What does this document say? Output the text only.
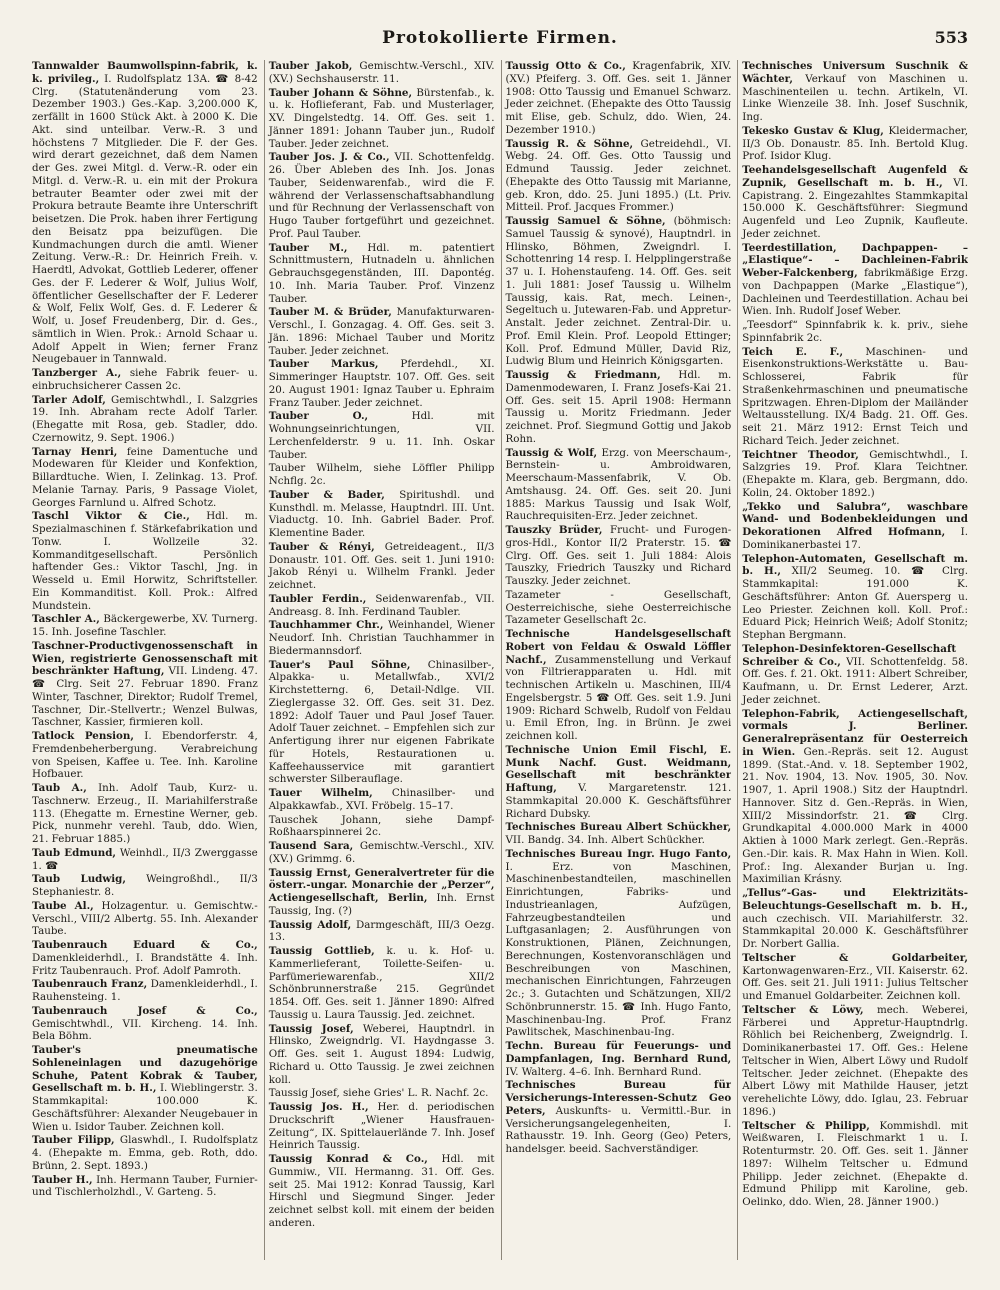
Protokollierte Firmen.	553
Tannwalder Baumwollspinn-fabrik, k. k. privileg., I. Rudolfsplatz 13A. ☎ 8-42 Clrg. (Statutenänderung vom 23. Dezember 1903.) Ges.-Kap. 3,200.000 K, zerfällt in 1600 Stück Akt. à 2000 K. Die Akt. sind unteilbar. Verw.-R. 3 und höchstens 7 Mitglieder. Die F. der Ges. wird derart gezeichnet, daß dem Namen der Ges. zwei Mitgl. d. Verw.-R. oder ein Mitgl. d. Verw.-R. u. ein mit der Prokura betrauter Beamter oder zwei mit der Prokura betraute Beamte ihre Unterschrift beisetzen. Die Prok. haben ihrer Fertigung den Beisatz ppa beizufügen. Die Kundmachungen durch die amtl. Wiener Zeitung. Verw.-R.: Dr. Heinrich Freih. v. Haerdtl, Advokat, Gottlieb Lederer, offener Ges. der F. Lederer & Wolf, Julius Wolf, öffentlicher Gesellschafter der F. Lederer & Wolf, Felix Wolf, Ges. d. F. Lederer & Wolf, u. Josef Freudenberg, Dir. d. Ges., sämtlich in Wien. Prok.: Arnold Schaar u. Adolf Appelt in Wien; ferner Franz Neugebauer in Tannwald.
Tanzberger A., siehe Fabrik feuer- u. einbruchsicherer Cassen 2c.
Tarler Adolf, Gemischtwhdl., I. Salzgries 19. Inh. Abraham recte Adolf Tarler. (Ehegatte mit Rosa, geb. Stadler, ddo. Czernowitz, 9. Sept. 1906.)
Tarnay Henri, feine Damentuche und Modewaren für Kleider und Konfektion, Billardtuche. Wien, I. Zelinkag. 13. Prof. Melanie Tarnay. Paris, 9 Passage Violet, Georges Farnlund u. Alfred Schotz.
Taschl Viktor & Cie., Hdl. m. Spezialmaschinen f. Stärkefabrikation und Tonw. I. Wollzeile 32. Kommanditgesellschaft. Persönlich haftender Ges.: Viktor Taschl, Jng. in Wesseld u. Emil Horwitz, Schriftsteller. Ein Kommanditist. Koll. Prok.: Alfred Mundstein.
Taschler A., Bäckergewerbe, XV. Turnerg. 15. Inh. Josefine Taschler.
Taschner-Productivgenossenschaft in Wien, registrierte Genossenschaft mit beschränkter Haftung, VII. Lindeng. 47. ☎ Clrg. Seit 27. Februar 1890. Franz Winter, Taschner, Direktor; Rudolf Tremel, Taschner, Dir.-Stellvertr.; Wenzel Bulwas, Taschner, Kassier, firmieren koll.
Tatlock Pension, I. Ebendorferstr. 4, Fremdenbeherbergung. Verabreichung von Speisen, Kaffee u. Tee. Inh. Karoline Hofbauer.
Taub A., Inh. Adolf Taub, Kurz- u. Taschnerw. Erzeug., II. Mariahilferstraße 113. (Ehegatte m. Ernestine Werner, geb. Pick, nunmehr verehl. Taub, ddo. Wien, 21. Februar 1885.)
Taub Edmund, Weinhdl., II/3 Zwerggasse 1. ☎
Taub Ludwig, Weingroßhdl., II/3 Stephaniestr. 8.
Taube Al., Holzagentur. u. Gemischtw.-Verschl., VIII/2 Albertg. 55. Inh. Alexander Taube.
Taubenrauch Eduard & Co., Damenkleiderhdl., I. Brandstätte 4. Inh. Fritz Taubenrauch. Prof. Adolf Pamroth.
Taubenrauch Franz, Damenkleiderhdl., I. Rauhensteing. 1.
Taubenrauch Josef & Co., Gemischtwhdl., VII. Kircheng. 14. Inh. Bela Böhm.
Tauber's pneumatische Sohleneinlagen und dazugehörige Schuhe, Patent Kobrak & Tauber, Gesellschaft m. b. H., I. Wieblingerstr. 3. Stammkapital: 100.000 K. Geschäftsführer: Alexander Neugebauer in Wien u. Isidor Tauber. Zeichnen koll.
Tauber Filipp, Glaswhdl., I. Rudolfsplatz 4. (Ehepakte m. Emma, geb. Roth, ddo. Brünn, 2. Sept. 1893.)
Tauber H., Inh. Hermann Tauber, Furnier- und Tischlerholzhdl., V. Garteng. 5.
Tauber Jakob, Gemischtw.-Verschl., XIV. (XV.) Sechshauserstr. 11.
Tauber Johann & Söhne, Bürstenfab., k. u. k. Hoflieferant, Fab. und Musterlager, XV. Dingelstedtg. 14. Off. Ges. seit 1. Jänner 1891: Johann Tauber jun., Rudolf Tauber. Jeder zeichnet.
Tauber Jos. J. & Co., VII. Schottenfeldg. 26. Über Ableben des Inh. Jos. Jonas Tauber, Seidenwarenfab., wird die F. während der Verlassenschaftsabhandlung und für Rechnung der Verlassenschaft von Hugo Tauber fortgeführt und gezeichnet. Prof. Paul Tauber.
Tauber M., Hdl. m. patentiert Schnittmustern, Hutnadeln u. ähnlichen Gebrauchsgegenständen, III. Dapontég. 10. Inh. Maria Tauber. Prof. Vinzenz Tauber.
Tauber M. & Brüder, Manufakturwaren-Verschl., I. Gonzagag. 4. Off. Ges. seit 3. Jän. 1896: Michael Tauber und Moritz Tauber. Jeder zeichnet.
Tauber Markus, Pferdehdl., XI. Simmeringer Hauptstr. 107. Off. Ges. seit 20. August 1901: Ignaz Tauber u. Ephraim Franz Tauber. Jeder zeichnet.
Tauber O.,	Hdl. mit Wohnungseinrichtungen, VII. Lerchenfelderstr. 9 u. 11. Inh. Oskar Tauber.
Tauber Wilhelm, siehe Löffler Philipp Nchflg. 2c.
Tauber & Bader, Spiritushdl. und Kunsthdl. m. Melasse, Hauptndrl. III. Unt. Viaductg. 10. Inh. Gabriel Bader. Prof. Klementine Bader.
Tauber & Rényi, Getreideagent., II/3 Donaustr. 101. Off. Ges. seit 1. Juni 1910: Jakob Rényi u. Wilhelm Frankl. Jeder zeichnet.
Taubler Ferdin., Seidenwarenfab., VII. Andreasg. 8. Inh. Ferdinand Taubler.
Tauchhammer Chr., Weinhandel, Wiener Neudorf. Inh. Christian Tauchhammer in Biedermannsdorf.
Tauer's Paul Söhne, Chinasilber-, Alpakka- u. Metallwfab., XVI/2 Kirchstetterng. 6, Detail-Ndlge. VII. Zieglergasse 32. Off. Ges. seit 31. Dez. 1892: Adolf Tauer und Paul Josef Tauer. Adolf Tauer zeichnet. – Empfehlen sich zur Anfertigung ihrer nur eigenen Fabrikate für Hotels, Restaurationen u. Kaffeehausservice mit garantiert schwerster Silberauflage.
Tauer Wilhelm, Chinasilber- und Alpakkawfab., XVI. Fröbelg. 15–17.
Tauschek Johann, siehe Dampf-Roßhaarspinnerei 2c.
Tausend Sara, Gemischtw.-Verschl., XIV. (XV.) Grimmg. 6.
Taussig Ernst, Generalvertreter für die österr.-ungar. Monarchie der „Perzer“, Actiengesellschaft, Berlin, Inh. Ernst Taussig, Ing. (?)
Taussig Adolf, Darmgeschäft, III/3 Oezg. 13.
Taussig Gottlieb, k. u. k. Hof- u. Kammerlieferant, Toilette-Seifen- u. Parfümeriewarenfab., XII/2 Schönbrunnerstraße 215. Gegründet 1854. Off. Ges. seit 1. Jänner 1890: Alfred Taussig u. Laura Taussig. Jed. zeichnet.
Taussig Josef, Weberei, Hauptndrl. in Hlinsko, Zweigndrlg. VI. Haydngasse 3. Off. Ges. seit 1. August 1894: Ludwig, Richard u. Otto Taussig. Je zwei zeichnen koll.
Taussig Josef, siehe Gries' L. R. Nachf. 2c.
Taussig Jos. H., Her. d. periodischen Druckschrift „Wiener Hausfrauen-Zeitung“, IX. Spittelauerlände 7. Inh. Josef Heinrich Taussig.
Taussig Konrad & Co., Hdl. mit Gummiw., VII. Hermanng. 31. Off. Ges. seit 25. Mai 1912: Konrad Taussig, Karl Hirschl und Siegmund Singer. Jeder zeichnet selbst koll. mit einem der beiden anderen.
Taussig Otto & Co., Kragenfabrik, XIV. (XV.) Pfeiferg. 3. Off. Ges. seit 1. Jänner 1908: Otto Taussig und Emanuel Schwarz. Jeder zeichnet. (Ehepakte des Otto Taussig mit Elise, geb. Schulz, ddo. Wien, 24. Dezember 1910.)
Taussig R. & Söhne, Getreidehdl., VI. Webg. 24. Off. Ges. Otto Taussig und Edmund Taussig. Jeder zeichnet. (Ehepakte des Otto Taussig mit Marianne, geb. Kron, ddo. 25. Juni 1895.) (Lt. Priv. Mitteil. Prof. Jacques Frommer.)
Taussig Samuel & Söhne, (böhmisch: Samuel Taussig & synové), Hauptndrl. in Hlinsko, Böhmen, Zweigndrl. I. Schottenring 14 resp. I. Helpplingerstraße 37 u. I. Hohenstaufeng. 14. Off. Ges. seit 1. Juli 1881: Josef Taussig u. Wilhelm Taussig, kais. Rat, mech. Leinen-, Segeltuch u. Jutewaren-Fab. und Appretur-Anstalt. Jeder zeichnet. Zentral-Dir. u. Prof. Emil Klein. Prof. Leopold Ettinger; Koll. Prof. Edmund Müller, David Riz, Ludwig Blum und Heinrich Königsgarten.
Taussig & Friedmann, Hdl. m. Damenmodewaren, I. Franz Josefs-Kai 21. Off. Ges. seit 15. April 1908: Hermann Taussig u. Moritz Friedmann. Jeder zeichnet. Prof. Siegmund Gottig und Jakob Rohn.
Taussig & Wolf, Erzg. von Meerschaum-, Bernstein- u. Ambroidwaren, Meerschaum-Massenfabrik, V. Ob. Amtshausg. 24. Off. Ges. seit 20. Juni 1885: Markus Taussig und Isak Wolf, Rauchrequisiten-Erz. Jeder zeichnet.
Tauszky Brüder, Frucht- und Furogen-gros-Hdl., Kontor II/2 Praterstr. 15. ☎ Clrg. Off. Ges. seit 1. Juli 1884: Alois Tauszky, Friedrich Tauszky und Richard Tauszky. Jeder zeichnet.
Tazameter - Gesellschaft, Oesterreichische, siehe Oesterreichische Tazameter Gesellschaft 2c.
Technische Handelsgesellschaft Robert von Feldau & Oswald Löffler Nachf., Zusammenstellung und Verkauf von Filtrierapparaten u. Hdl. mit technischen Artikeln u. Maschinen, III/4 Engelsbergstr. 5 ☎ Off. Ges. seit 1.9. Juni 1909: Richard Schwelb, Rudolf von Feldau u. Emil Efron, Ing. in Brünn. Je zwei zeichnen koll.
Technische Union Emil Fischl, E. Munk Nachf. Gust. Weidmann, Gesellschaft mit beschränkter Haftung, V. Margaretenstr. 121. Stammkapital 20.000 K. Geschäftsführer Richard Dubsky.
Technisches Bureau Albert Schückher, VII. Bandg. 34. Inh. Albert Schückher.
Technisches Bureau Ingr. Hugo Fanto, I. Erz. von Maschinen, Maschinenbestandteilen, maschinellen Einrichtungen, Fabriks- und Industrieanlagen, Aufzügen, Fahrzeugbestandteilen und Luftgasanlagen; 2. Ausführungen von Konstruktionen, Plänen, Zeichnungen, Berechnungen, Kostenvoranschlägen und Beschreibungen von Maschinen, mechanischen Einrichtungen, Fahrzeugen 2c.; 3. Gutachten und Schätzungen, XII/2 Schönbrunnerstr. 15. ☎ Inh. Hugo Fanto, Maschinenbau-Ing. Prof. Franz Pawlitschek, Maschinenbau-Ing.
Techn. Bureau für Feuerungs- und Dampfanlagen, Ing. Bernhard Rund, IV. Walterg. 4–6. Inh. Bernhard Rund.
Technisches Bureau für Versicherungs-Interessen-Schutz Geo Peters, Auskunfts- u. Vermittl.-Bur. in Versicherungsangelegenheiten, I. Rathausstr. 19. Inh. Georg (Geo) Peters, handelsger. beeid. Sachverständiger.
Technisches Universum Suschnik & Wächter, Verkauf von Maschinen u. Maschinenteilen u. techn. Artikeln, VI. Linke Wienzeile 38. Inh. Josef Suschnik, Ing.
Tekesko Gustav & Klug, Kleidermacher, II/3 Ob. Donaustr. 85. Inh. Bertold Klug. Prof. Isidor Klug.
Teehandelsgesellschaft Augenfeld & Zupnik, Gesellschaft m. b. H., VI. Capistrang. 2. Eingezahltes Stammkapital 150.000 K. Geschäftsführer: Siegmund Augenfeld und Leo Zupnik, Kaufleute. Jeder zeichnet.
Teerdestillation, Dachpappen- – „Elastique“- – Dachleinen-Fabrik Weber-Falckenberg, fabrikmäßige Erzg. von Dachpappen (Marke „Elastique“), Dachleinen und Teerdestillation. Achau bei Wien. Inh. Rudolf Josef Weber.
„Teesdorf“ Spinnfabrik k. k. priv., siehe Spinnfabrik 2c.
Teich E. F., Maschinen- und Eisenkonstruktions-Werkstätte u. Bau-Schlosserei, Fabrik für Straßenkehrmaschinen und pneumatische Spritzwagen. Ehren-Diplom der Mailänder Weltausstellung. IX/4 Badg. 21. Off. Ges. seit 21. März 1912: Ernst Teich und Richard Teich. Jeder zeichnet.
Teichtner Theodor, Gemischtwhdl., I. Salzgries 19. Prof. Klara Teichtner. (Ehepakte m. Klara, geb. Bergmann, ddo. Kolin, 24. Oktober 1892.)
„Tekko und Salubra“, waschbare Wand- und Bodenbekleidungen und Dekorationen Alfred Hofmann, I. Dominikanerbastei 17.
Telephon-Automaten, Gesellschaft m. b. H., XII/2 Seumeg. 10. ☎ Clrg. Stammkapital: 191.000 K. Geschäftsführer: Anton Gf. Auersperg u. Leo Priester. Zeichnen koll. Koll. Prof.: Eduard Pick; Heinrich Weiß; Adolf Stonitz; Stephan Bergmann.
Telephon-Desinfektoren-Gesellschaft Schreiber & Co., VII. Schottenfeldg. 58. Off. Ges. f. 21. Okt. 1911: Albert Schreiber, Kaufmann, u. Dr. Ernst Lederer, Arzt. Jeder zeichnet.
Telephon-Fabrik, Actiengesellschaft, vormals J. Berliner. Generalrepräsentanz für Oesterreich in Wien. Gen.-Repräs. seit 12. August 1899. (Stat.-And. v. 18. September 1902, 21. Nov. 1904, 13. Nov. 1905, 30. Nov. 1907, 1. April 1908.) Sitz der Hauptndrl. Hannover. Sitz d. Gen.-Repräs. in Wien, XIII/2 Missindorfstr. 21. ☎ Clrg. Grundkapital 4.000.000 Mark in 4000 Aktien à 1000 Mark zerlegt. Gen.-Repräs. Gen.-Dir. kais. R. Max Hahn in Wien. Koll. Prof.: Ing. Alexander Burjan u. Ing. Maximilian Krásny.
„Tellus“-Gas- und Elektrizitäts-Beleuchtungs-Gesellschaft m. b. H., auch czechisch. VII. Mariahilferstr. 32. Stammkapital 20.000 K. Geschäftsführer Dr. Norbert Gallia.
Teltscher & Goldarbeiter, Kartonwagenwaren-Erz., VII. Kaiserstr. 62. Off. Ges. seit 21. Juli 1911: Julius Teltscher und Emanuel Goldarbeiter. Zeichnen koll.
Teltscher & Löwy, mech. Weberei, Färberei und Appretur-Hauptndrlg. Röhlich bei Reichenberg, Zweigndrlg. I. Dominikanerbastei 17. Off. Ges.: Helene Teltscher in Wien, Albert Löwy und Rudolf Teltscher. Jeder zeichnet. (Ehepakte des Albert Löwy mit Mathilde Hauser, jetzt verehelichte Löwy, ddo. Iglau, 23. Februar 1896.)
Teltscher & Philipp, Kommishdl. mit Weißwaren, I. Fleischmarkt 1 u. I. Rotenturmstr. 20. Off. Ges. seit 1. Jänner 1897: Wilhelm Teltscher u. Edmund Philipp. Jeder zeichnet. (Ehepakte d. Edmund Philipp mit Karoline, geb. Oelinko, ddo. Wien, 28. Jänner 1900.)
